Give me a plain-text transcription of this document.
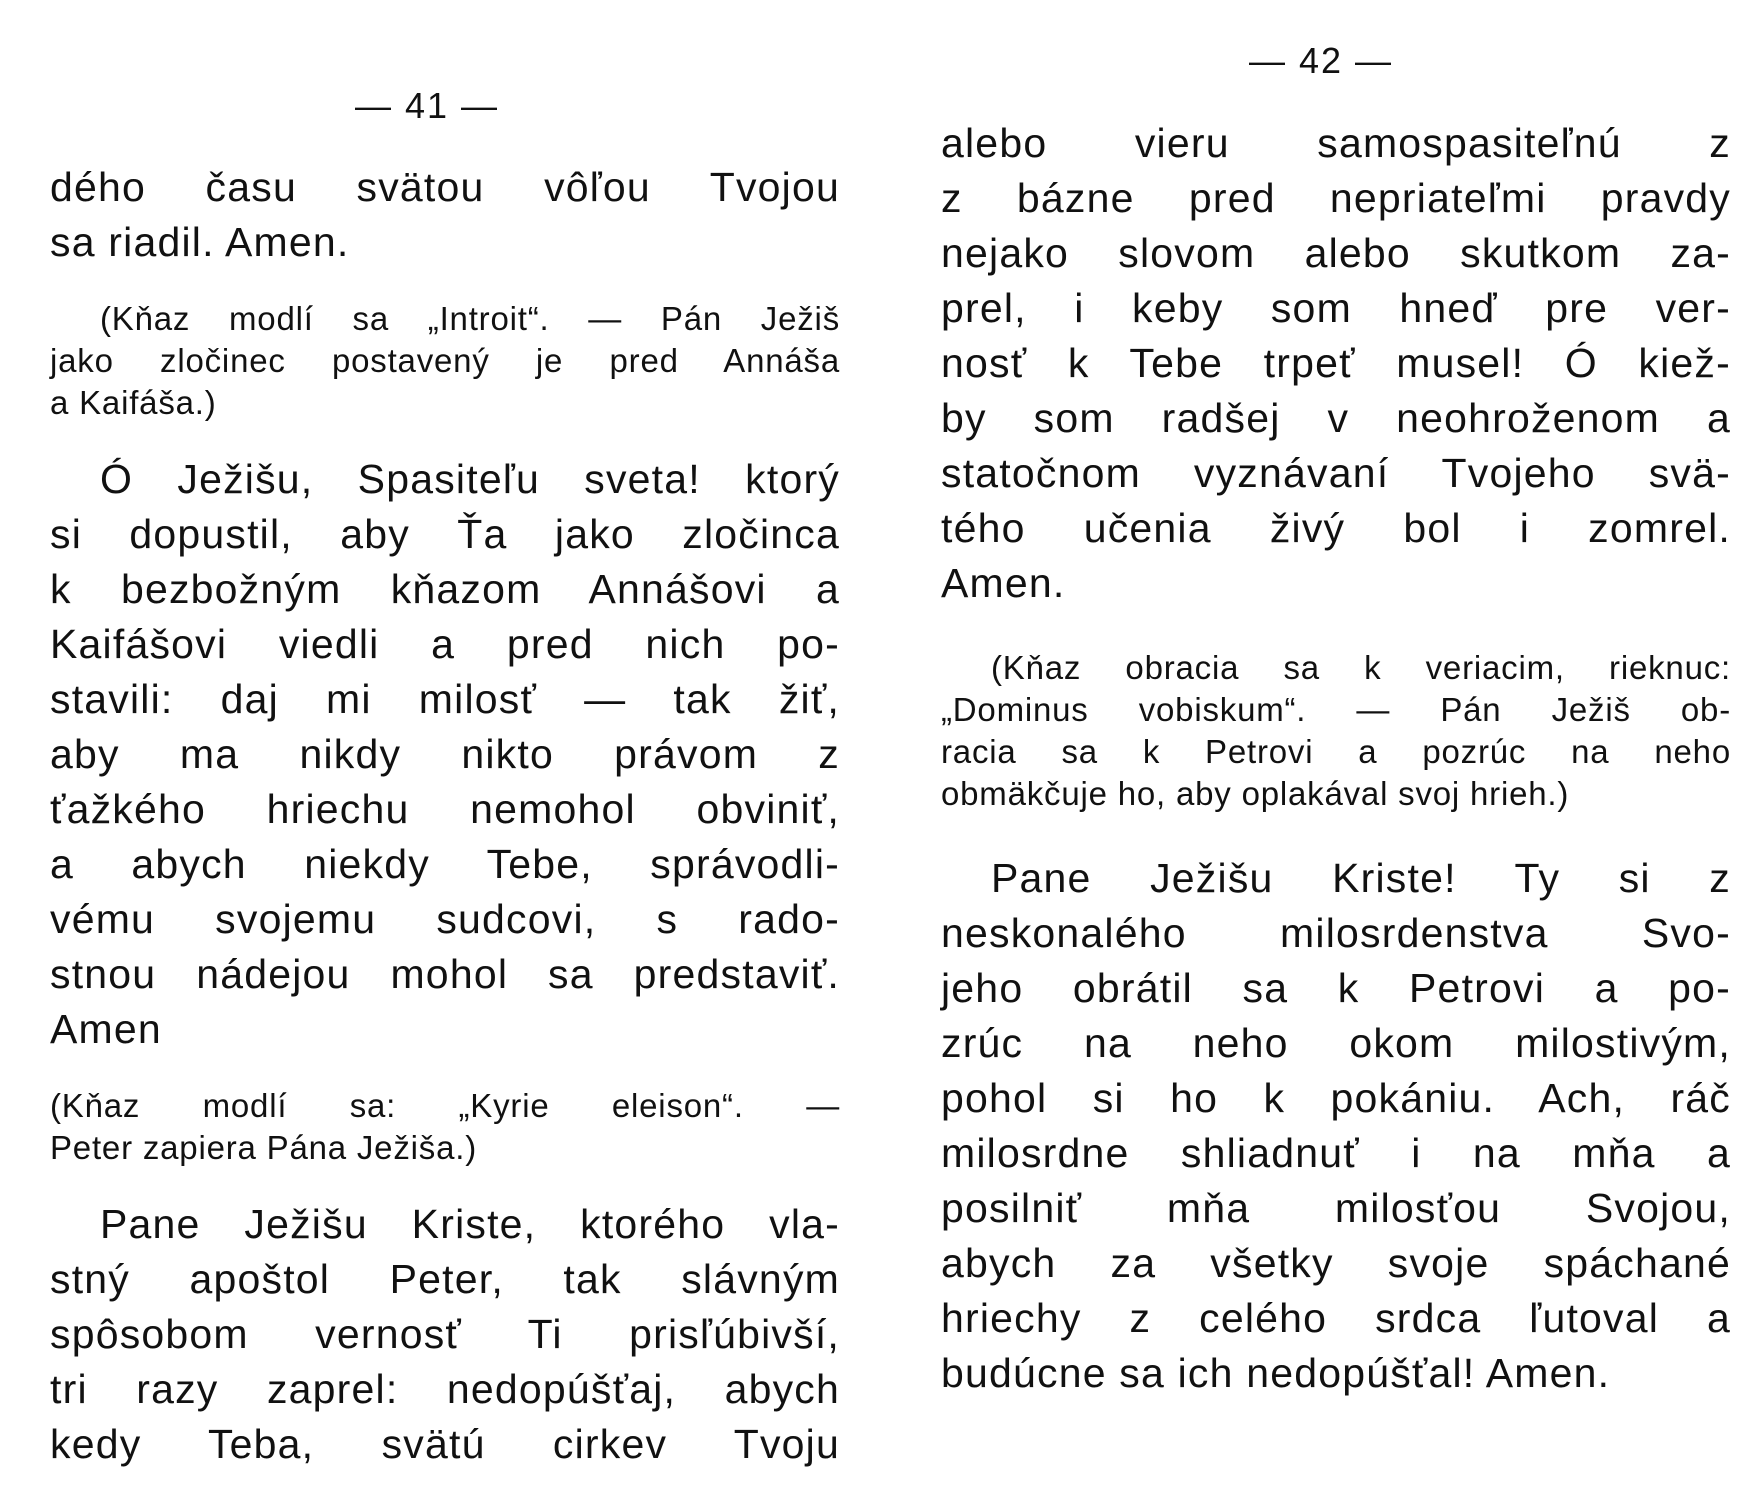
— 41 —
dého času svätou vôľou Tvojou
sa riadil. Amen.
(Kňaz modlí sa „Introit“. — Pán Ježiš
jako zločinec postavený je pred Annáša
a Kaifáša.)
Ó Ježišu, Spasiteľu sveta! ktorý
si dopustil, aby Ťa jako zločinca
k bezbožným kňazom Annášovi a
Kaifášovi viedli a pred nich po-
stavili: daj mi milosť — tak žiť,
aby ma nikdy nikto právom z
ťažkého hriechu nemohol obviniť,
a abych niekdy Tebe, správodli-
vému svojemu sudcovi, s rado-
stnou nádejou mohol sa predstaviť.
Amen
(Kňaz modlí sa: „Kyrie eleison“. —
Peter zapiera Pána Ježiša.)
Pane Ježišu Kriste, ktorého vla-
stný apoštol Peter, tak slávným
spôsobom vernosť Ti prisľúbivší,
tri razy zaprel: nedopúšťaj, abych
kedy Teba, svätú cirkev Tvoju
— 42 —
alebo vieru samospasiteľnú z
z bázne pred nepriateľmi pravdy
nejako slovom alebo skutkom za-
prel, i keby som hneď pre ver-
nosť k Tebe trpeť musel! Ó kiež-
by som radšej v neohroženom a
statočnom vyznávaní Tvojeho svä-
tého učenia živý bol i zomrel.
Amen.
(Kňaz obracia sa k veriacim, rieknuc:
„Dominus vobiskum“. — Pán Ježiš ob-
racia sa k Petrovi a pozrúc na neho
obmäkčuje ho, aby oplakával svoj hrieh.)
Pane Ježišu Kriste! Ty si z
neskonalého milosrdenstva Svo-
jeho obrátil sa k Petrovi a po-
zrúc na neho okom milostivým,
pohol si ho k pokániu. Ach, ráč
milosrdne shliadnuť i na mňa a
posilniť mňa milosťou Svojou,
abych za všetky svoje spáchané
hriechy z celého srdca ľutoval a
budúcne sa ich nedopúšťal! Amen.
